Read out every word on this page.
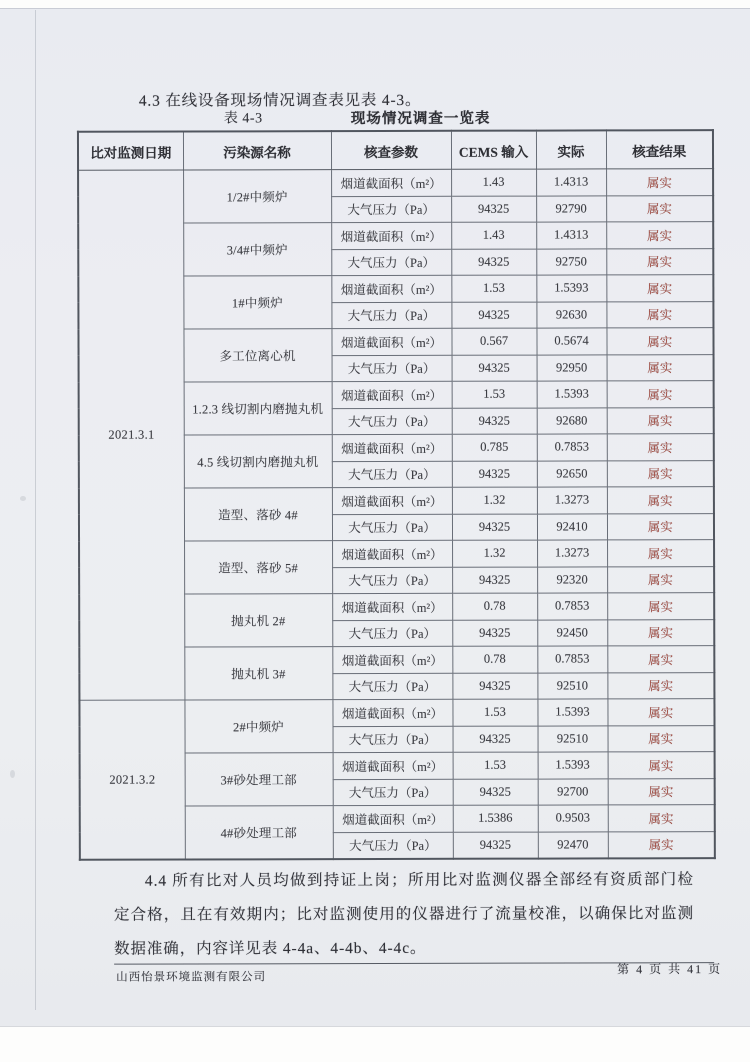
4.3 在线设备现场情况调查表见表 4-3。
表 4-3	现场情况调查一览表
比对监测日期	污染源名称	核查参数	CEMS 输入	实际	核查结果
2021.3.1	1/2#中频炉	烟道截面积（m²）	1.43	1.4313	属实
		大气压力（Pa）	94325	92790	属实
	3/4#中频炉	烟道截面积（m²）	1.43	1.4313	属实
		大气压力（Pa）	94325	92750	属实
	1#中频炉	烟道截面积（m²）	1.53	1.5393	属实
		大气压力（Pa）	94325	92630	属实
	多工位离心机	烟道截面积（m²）	0.567	0.5674	属实
		大气压力（Pa）	94325	92950	属实
	1.2.3 线切割内磨抛丸机	烟道截面积（m²）	1.53	1.5393	属实
		大气压力（Pa）	94325	92680	属实
	4.5 线切割内磨抛丸机	烟道截面积（m²）	0.785	0.7853	属实
		大气压力（Pa）	94325	92650	属实
	造型、落砂 4#	烟道截面积（m²）	1.32	1.3273	属实
		大气压力（Pa）	94325	92410	属实
	造型、落砂 5#	烟道截面积（m²）	1.32	1.3273	属实
		大气压力（Pa）	94325	92320	属实
	抛丸机 2#	烟道截面积（m²）	0.78	0.7853	属实
		大气压力（Pa）	94325	92450	属实
	抛丸机 3#	烟道截面积（m²）	0.78	0.7853	属实
		大气压力（Pa）	94325	92510	属实
2021.3.2	2#中频炉	烟道截面积（m²）	1.53	1.5393	属实
		大气压力（Pa）	94325	92510	属实
	3#砂处理工部	烟道截面积（m²）	1.53	1.5393	属实
		大气压力（Pa）	94325	92700	属实
	4#砂处理工部	烟道截面积（m²）	1.5386	0.9503	属实
		大气压力（Pa）	94325	92470	属实
4.4 所有比对人员均做到持证上岗；所用比对监测仪器全部经有资质部门检定合格，且在有效期内；比对监测使用的仪器进行了流量校准，以确保比对监测数据准确，内容详见表 4-4a、4-4b、4-4c。
山西怡景环境监测有限公司
第 4 页 共 41 页
